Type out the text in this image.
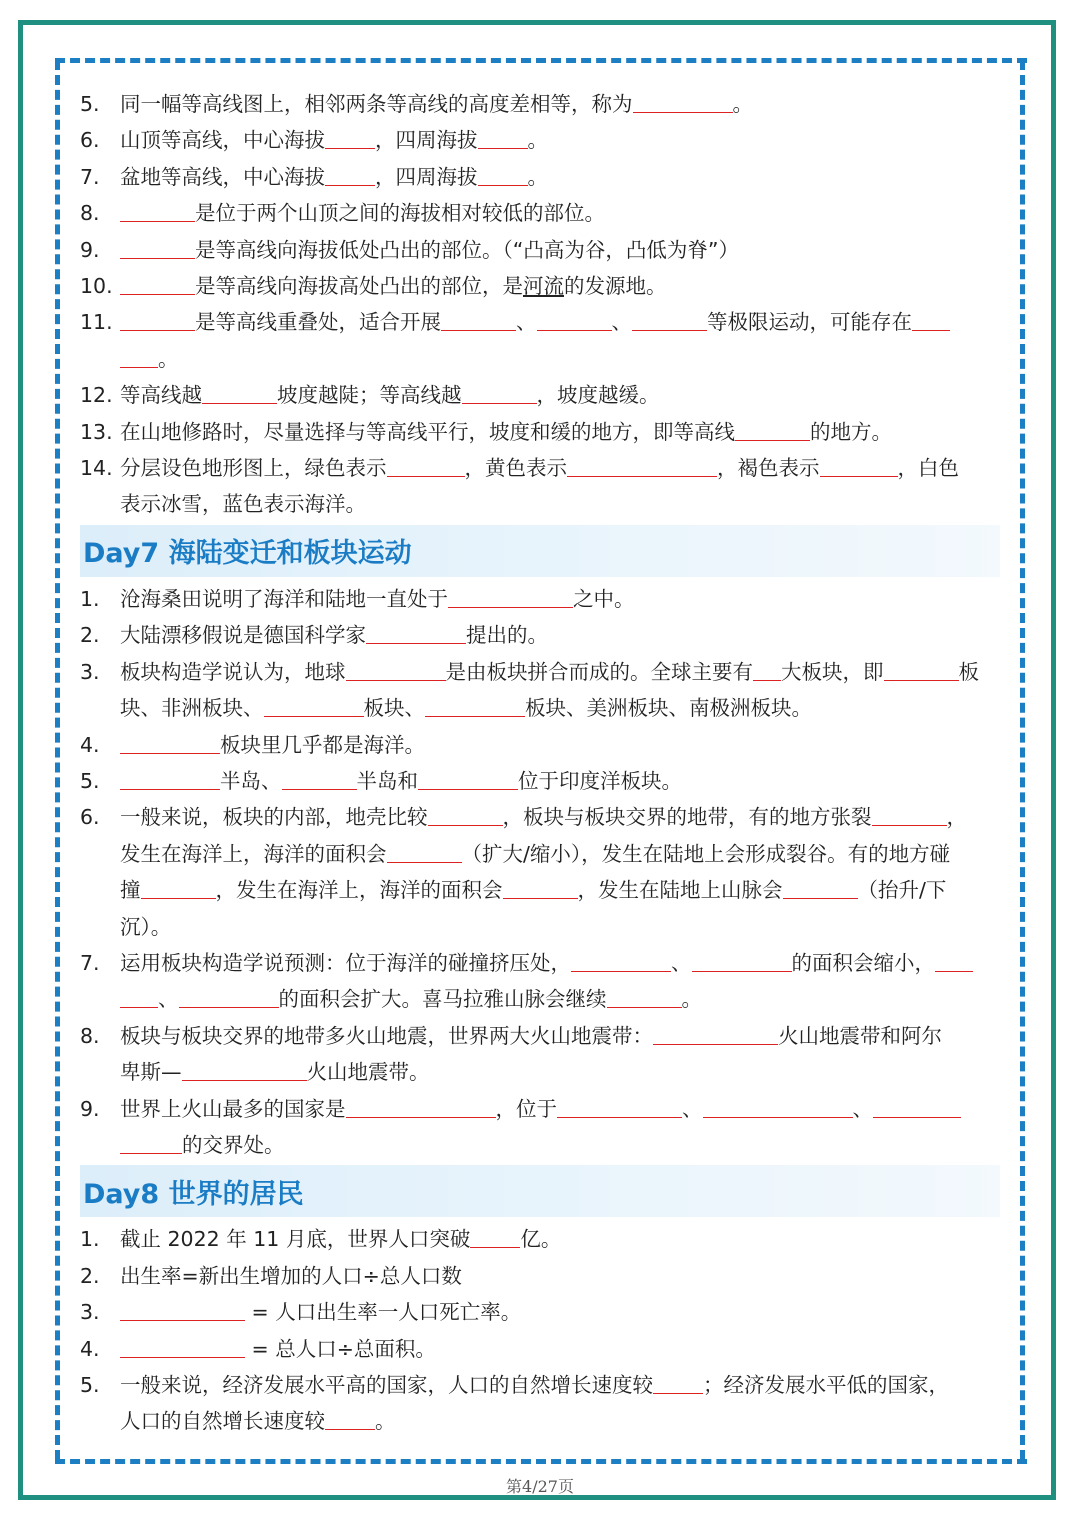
5. 同一幅等高线图上，相邻两条等高线的高度差相等，称为	。
6. 山顶等高线，中心海拔 ，四周海拔 。
7. 盆地等高线，中心海拔 ，四周海拔 。
8.	是位于两个山顶之间的海拔相对较低的部位。
9.	是等高线向海拔低处凸出的部位。（“凸高为谷，凸低为脊”）
10.	是等高线向海拔高处凸出的部位，是河流的发源地。
11.	是等高线重叠处，适合开展	、	、	等极限运动，可能存在
。
12. 等高线越	坡度越陡；等高线越	，坡度越缓。
13. 在山地修路时，尽量选择与等高线平行，坡度和缓的地方，即等高线	的地方。
14. 分层设色地形图上，绿色表示	，黄色表示	，褐色表示	，白色
表示冰雪，蓝色表示海洋。
Day7 海陆变迁和板块运动
1. 沧海桑田说明了海洋和陆地一直处于	之中。
2. 大陆漂移假说是德国科学家	提出的。
3. 板块构造学说认为，地球	是由板块拼合而成的。全球主要有 大板块，即	板
块、非洲板块、	板块、	板块、美洲板块、南极洲板块。
4.	板块里几乎都是海洋。
5.	半岛、	半岛和	位于印度洋板块。
6. 一般来说，板块的内部，地壳比较	，板块与板块交界的地带，有的地方张裂	，
发生在海洋上，海洋的面积会	（扩大/缩小），发生在陆地上会形成裂谷。有的地方碰
撞	，发生在海洋上，海洋的面积会	，发生在陆地上山脉会	（抬升/下
沉）。
7. 运用板块构造学说预测：位于海洋的碰撞挤压处，	、	的面积会缩小，
、	的面积会扩大。喜马拉雅山脉会继续	。
8. 板块与板块交界的地带多火山地震，世界两大火山地震带：	火山地震带和阿尔
卑斯—	火山地震带。
9. 世界上火山最多的国家是	，位于	、	、
的交界处。
Day8 世界的居民
1. 截止 2022 年 11 月底，世界人口突破 亿。
2. 出生率=新出生增加的人口÷总人口数
3.	= 人口出生率一人口死亡率。
4.	= 总人口÷总面积。
5. 一般来说，经济发展水平高的国家，人口的自然增长速度较 ；经济发展水平低的国家，
人口的自然增长速度较 。
第4/27页
